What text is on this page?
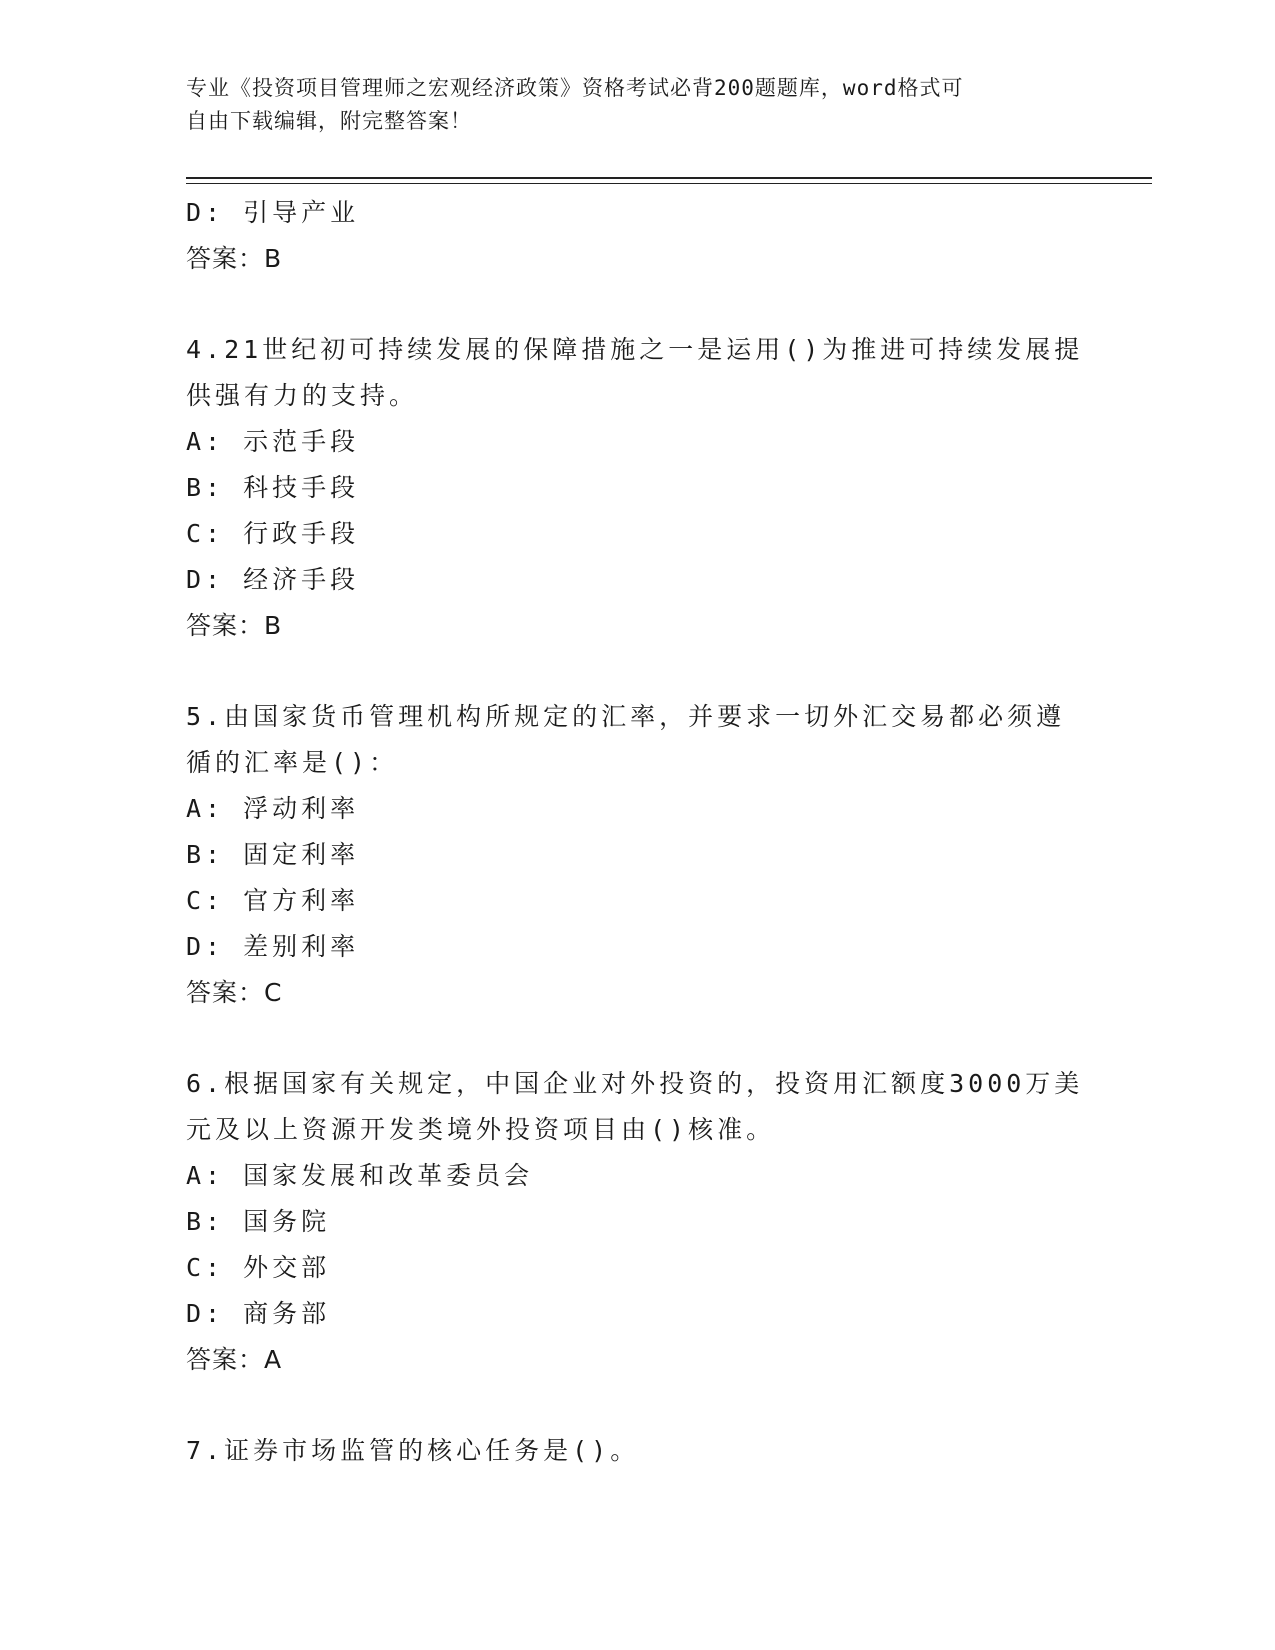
专业《投资项目管理师之宏观经济政策》资格考试必背200题题库，word格式可
自由下载编辑，附完整答案！
D: 引导产业
答案：B
4.21世纪初可持续发展的保障措施之一是运用()为推进可持续发展提
供强有力的支持。
A: 示范手段
B: 科技手段
C: 行政手段
D: 经济手段
答案：B
5.由国家货币管理机构所规定的汇率，并要求一切外汇交易都必须遵
循的汇率是()：
A: 浮动利率
B: 固定利率
C: 官方利率
D: 差别利率
答案：C
6.根据国家有关规定，中国企业对外投资的，投资用汇额度3000万美
元及以上资源开发类境外投资项目由()核准。
A: 国家发展和改革委员会
B: 国务院
C: 外交部
D: 商务部
答案：A
7.证券市场监管的核心任务是()。
